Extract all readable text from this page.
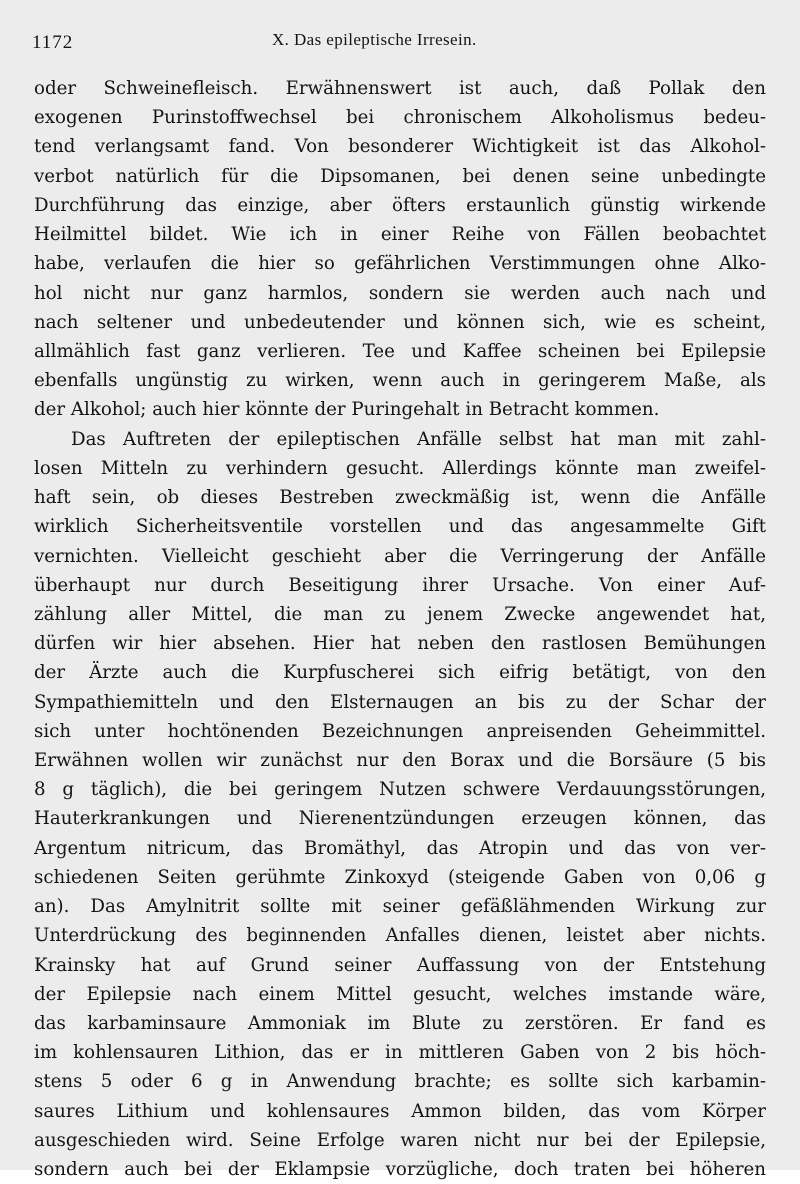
1172	X. Das epileptische Irresein.
oder Schweinefleisch. Erwähnenswert ist auch, daß Pollak den
exogenen Purinstoffwechsel bei chronischem Alkoholismus bedeu-
tend verlangsamt fand. Von besonderer Wichtigkeit ist das Alkohol-
verbot natürlich für die Dipsomanen, bei denen seine unbedingte
Durchführung das einzige, aber öfters erstaunlich günstig wirkende
Heilmittel bildet. Wie ich in einer Reihe von Fällen beobachtet
habe, verlaufen die hier so gefährlichen Verstimmungen ohne Alko-
hol nicht nur ganz harmlos, sondern sie werden auch nach und
nach seltener und unbedeutender und können sich, wie es scheint,
allmählich fast ganz verlieren. Tee und Kaffee scheinen bei Epilepsie
ebenfalls ungünstig zu wirken, wenn auch in geringerem Maße, als
der Alkohol; auch hier könnte der Puringehalt in Betracht kommen.
Das Auftreten der epileptischen Anfälle selbst hat man mit zahl-
losen Mitteln zu verhindern gesucht. Allerdings könnte man zweifel-
haft sein, ob dieses Bestreben zweckmäßig ist, wenn die Anfälle
wirklich Sicherheitsventile vorstellen und das angesammelte Gift
vernichten. Vielleicht geschieht aber die Verringerung der Anfälle
überhaupt nur durch Beseitigung ihrer Ursache. Von einer Auf-
zählung aller Mittel, die man zu jenem Zwecke angewendet hat,
dürfen wir hier absehen. Hier hat neben den rastlosen Bemühungen
der Ärzte auch die Kurpfuscherei sich eifrig betätigt, von den
Sympathiemitteln und den Elsternaugen an bis zu der Schar der
sich unter hochtönenden Bezeichnungen anpreisenden Geheimmittel.
Erwähnen wollen wir zunächst nur den Borax und die Borsäure (5 bis
8 g täglich), die bei geringem Nutzen schwere Verdauungsstörungen,
Hauterkrankungen und Nierenentzündungen erzeugen können, das
Argentum nitricum, das Bromäthyl, das Atropin und das von ver-
schiedenen Seiten gerühmte Zinkoxyd (steigende Gaben von 0,06 g
an). Das Amylnitrit sollte mit seiner gefäßlähmenden Wirkung zur
Unterdrückung des beginnenden Anfalles dienen, leistet aber nichts.
Krainsky hat auf Grund seiner Auffassung von der Entstehung
der Epilepsie nach einem Mittel gesucht, welches imstande wäre,
das karbaminsaure Ammoniak im Blute zu zerstören. Er fand es
im kohlensauren Lithion, das er in mittleren Gaben von 2 bis höch-
stens 5 oder 6 g in Anwendung brachte; es sollte sich karbamin-
saures Lithium und kohlensaures Ammon bilden, das vom Körper
ausgeschieden wird. Seine Erfolge waren nicht nur bei der Epilepsie,
sondern auch bei der Eklampsie vorzügliche, doch traten bei höheren
